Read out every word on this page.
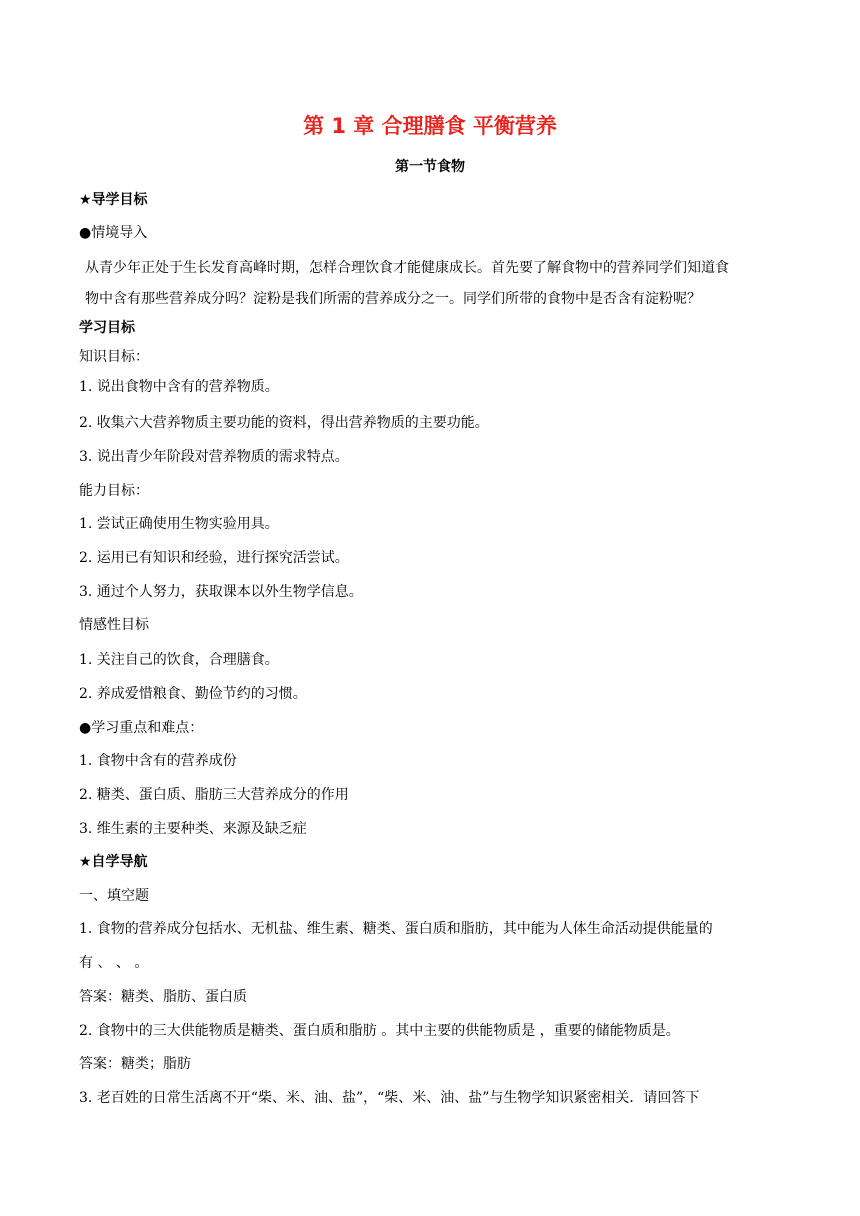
第 1 章 合理膳食 平衡营养
第一节食物
★导学目标
●情境导入
从青少年正处于生长发育高峰时期，怎样合理饮食才能健康成长。首先要了解食物中的营养同学们知道食
物中含有那些营养成分吗？淀粉是我们所需的营养成分之一。同学们所带的食物中是否含有淀粉呢？
学习目标
知识目标：
1. 说出食物中含有的营养物质。
2. 收集六大营养物质主要功能的资料，得出营养物质的主要功能。
3. 说出青少年阶段对营养物质的需求特点。
能力目标：
1. 尝试正确使用生物实验用具。
2. 运用已有知识和经验，进行探究活尝试。
3. 通过个人努力，获取课本以外生物学信息。
情感性目标
1. 关注自己的饮食，合理膳食。
2. 养成爱惜粮食、勤俭节约的习惯。
●学习重点和难点：
1. 食物中含有的营养成份
2. 糖类、蛋白质、脂肪三大营养成分的作用
3. 维生素的主要种类、来源及缺乏症
★自学导航
一、填空题
1. 食物的营养成分包括水、无机盐、维生素、糖类、蛋白质和脂肪，其中能为人体生命活动提供能量的
有 、 、 。
答案：糖类、脂肪、蛋白质
2. 食物中的三大供能物质是糖类、蛋白质和脂肪 。其中主要的供能物质是 ，重要的储能物质是。
答案：糖类；脂肪
3. 老百姓的日常生活离不开“柴、米、油、盐”，“柴、米、油、盐”与生物学知识紧密相关．请回答下
